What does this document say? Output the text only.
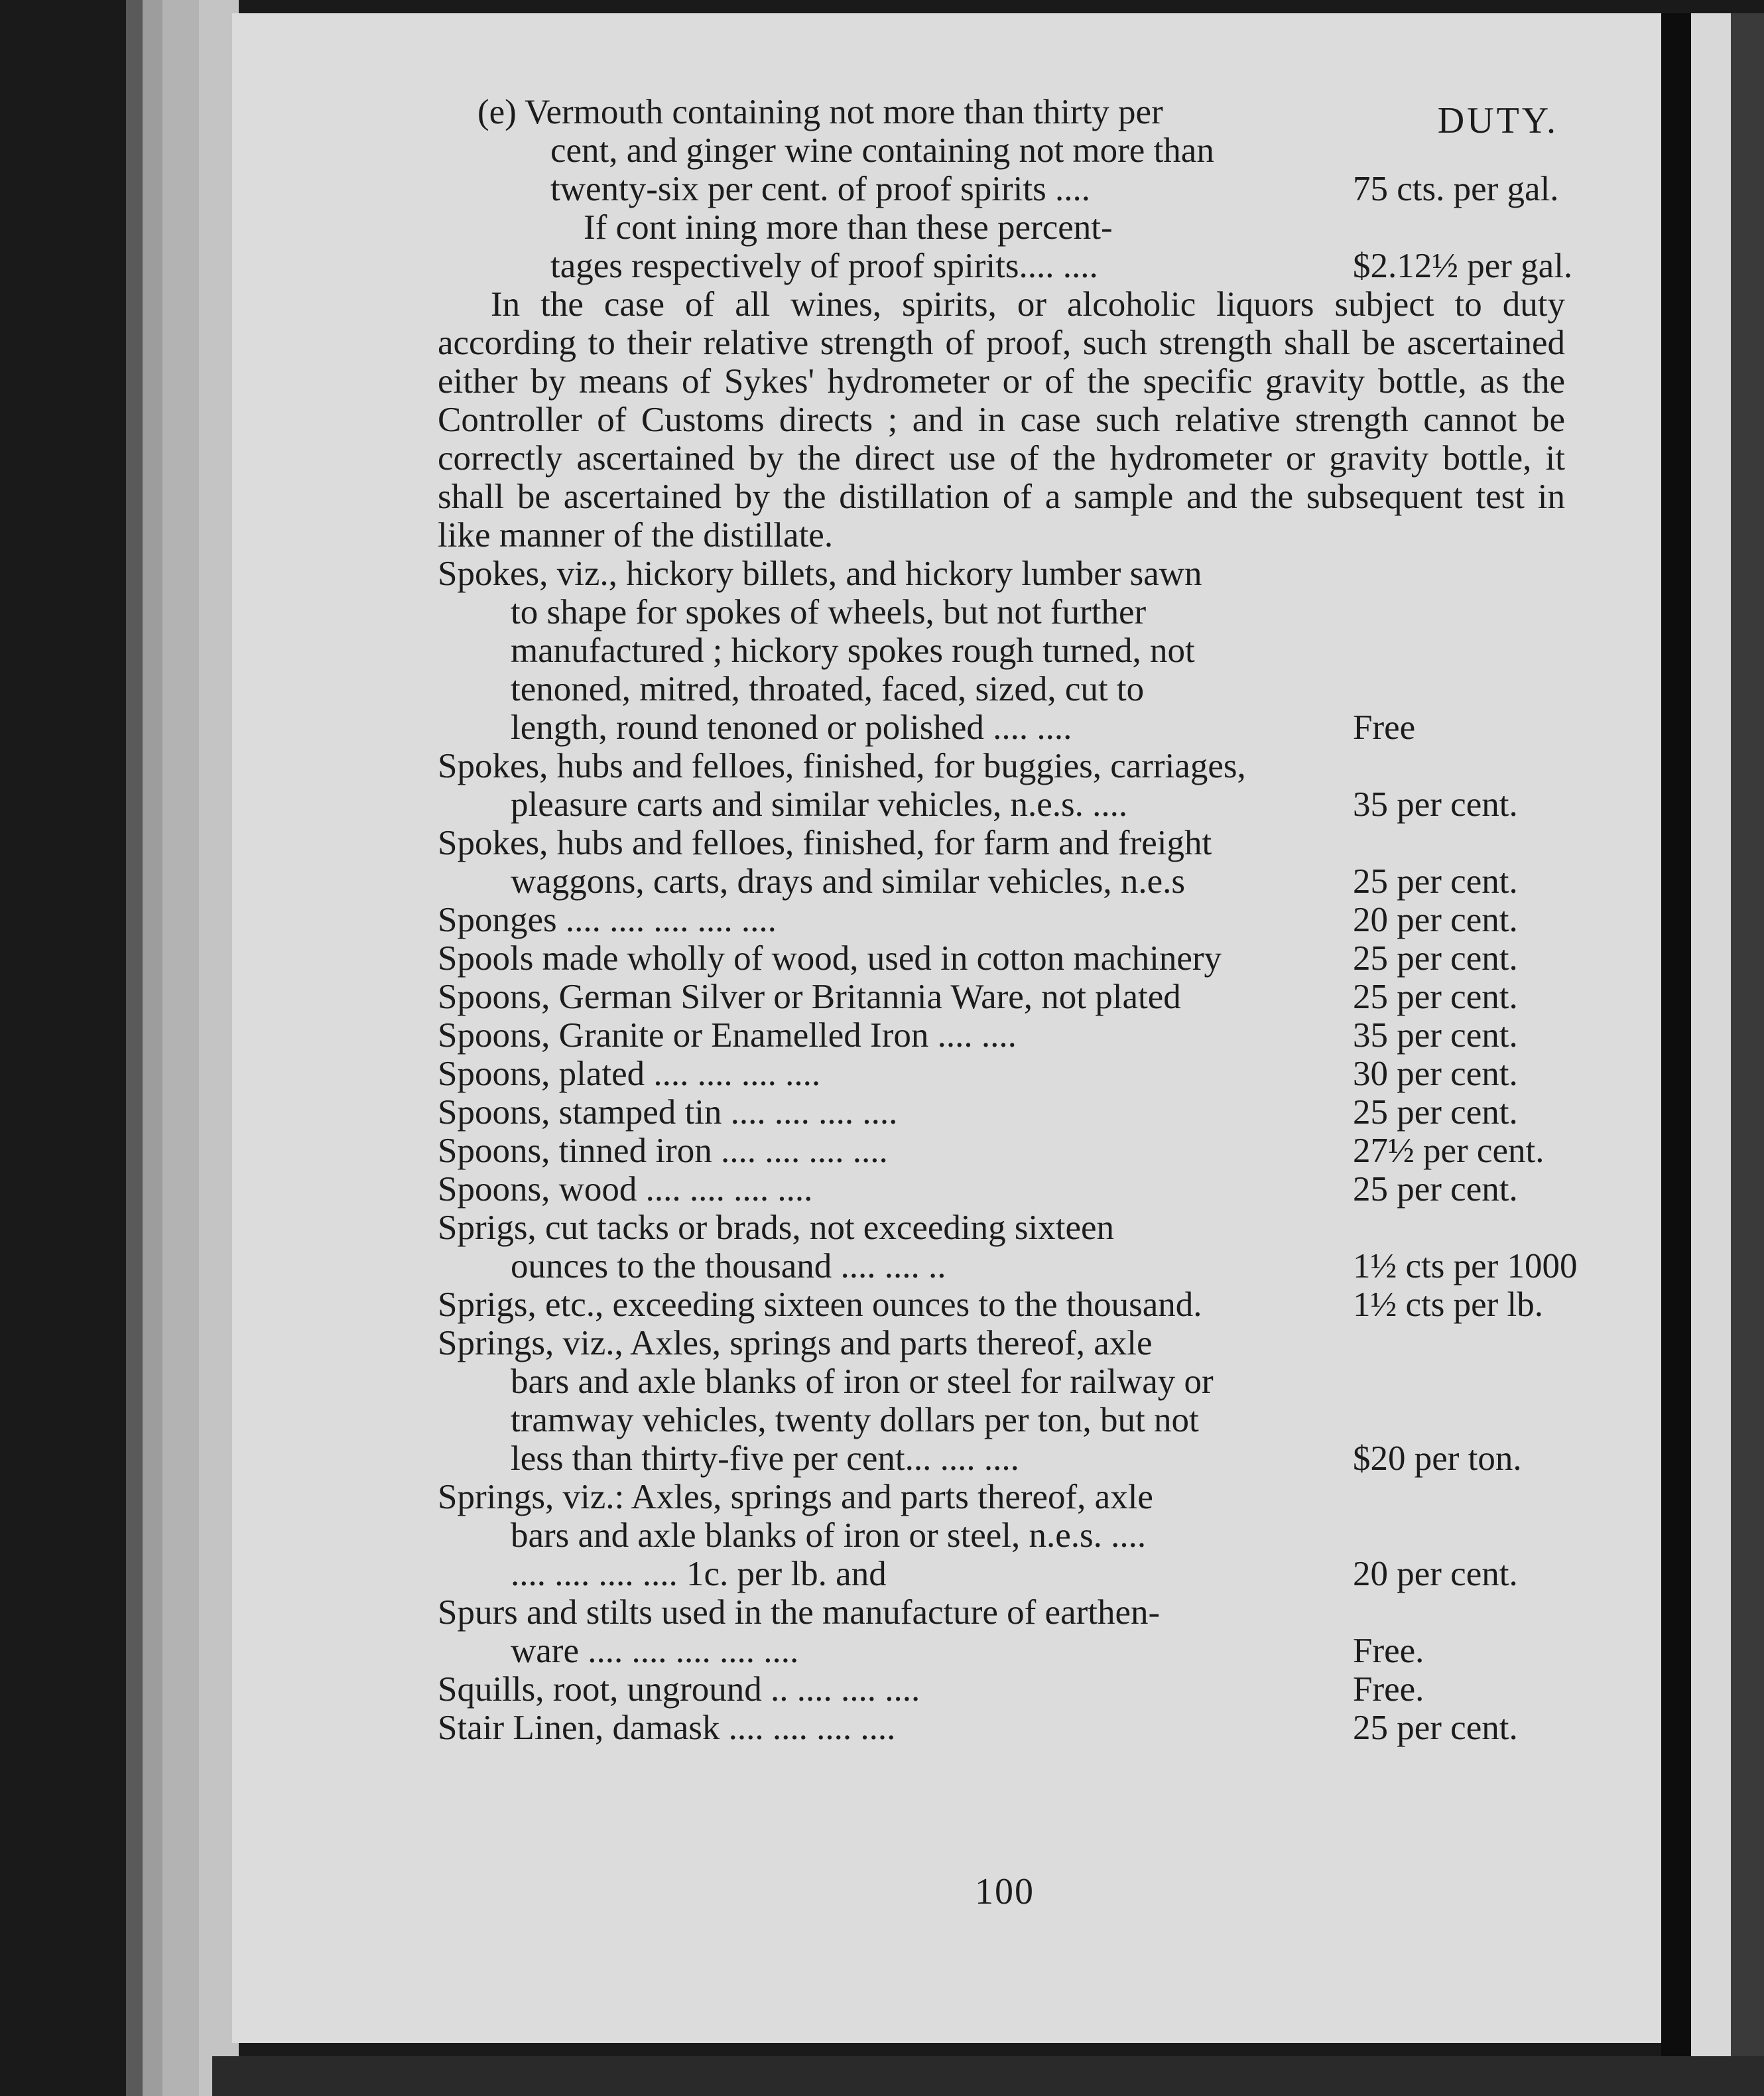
DUTY.
(e) Vermouth containing not more than thirty per
cent, and ginger wine containing not more than
twenty-six per cent. of proof spirits ....	75 cts. per gal.
If cont ining more than these percent-
tages respectively of proof spirits.... ....	$2.12½ per gal.
In the case of all wines, spirits, or alcoholic liquors subject to duty according to their relative strength of proof, such strength shall be ascertained either by means of Sykes' hydrometer or of the specific gravity bottle, as the Controller of Customs directs ; and in case such relative strength cannot be correctly ascertained by the direct use of the hydrometer or gravity bottle, it shall be ascertained by the distillation of a sample and the subsequent test in like manner of the distillate.
Spokes, viz., hickory billets, and hickory lumber sawn
to shape for spokes of wheels, but not further
manufactured ; hickory spokes rough turned, not
tenoned, mitred, throated, faced, sized, cut to
length, round tenoned or polished .... ....	Free
Spokes, hubs and felloes, finished, for buggies, carriages,
pleasure carts and similar vehicles, n.e.s. ....	35 per cent.
Spokes, hubs and felloes, finished, for farm and freight
waggons, carts, drays and similar vehicles, n.e.s	25 per cent.
Sponges .... .... .... .... ....	20 per cent.
Spools made wholly of wood, used in cotton machinery	25 per cent.
Spoons, German Silver or Britannia Ware, not plated	25 per cent.
Spoons, Granite or Enamelled Iron .... ....	35 per cent.
Spoons, plated .... .... .... ....	30 per cent.
Spoons, stamped tin .... .... .... ....	25 per cent.
Spoons, tinned iron .... .... .... ....	27½ per cent.
Spoons, wood .... .... .... ....	25 per cent.
Sprigs, cut tacks or brads, not exceeding sixteen
ounces to the thousand .... .... ..	1½ cts per 1000
Sprigs, etc., exceeding sixteen ounces to the thousand.	1½ cts per lb.
Springs, viz., Axles, springs and parts thereof, axle
bars and axle blanks of iron or steel for railway or
tramway vehicles, twenty dollars per ton, but not
less than thirty-five per cent... .... ....	$20 per ton.
Springs, viz.: Axles, springs and parts thereof, axle
bars and axle blanks of iron or steel, n.e.s. ....
.... .... .... .... 1c. per lb. and	20 per cent.
Spurs and stilts used in the manufacture of earthen-
ware .... .... .... .... ....	Free.
Squills, root, unground .. .... .... ....	Free.
Stair Linen, damask .... .... .... ....	25 per cent.
100
